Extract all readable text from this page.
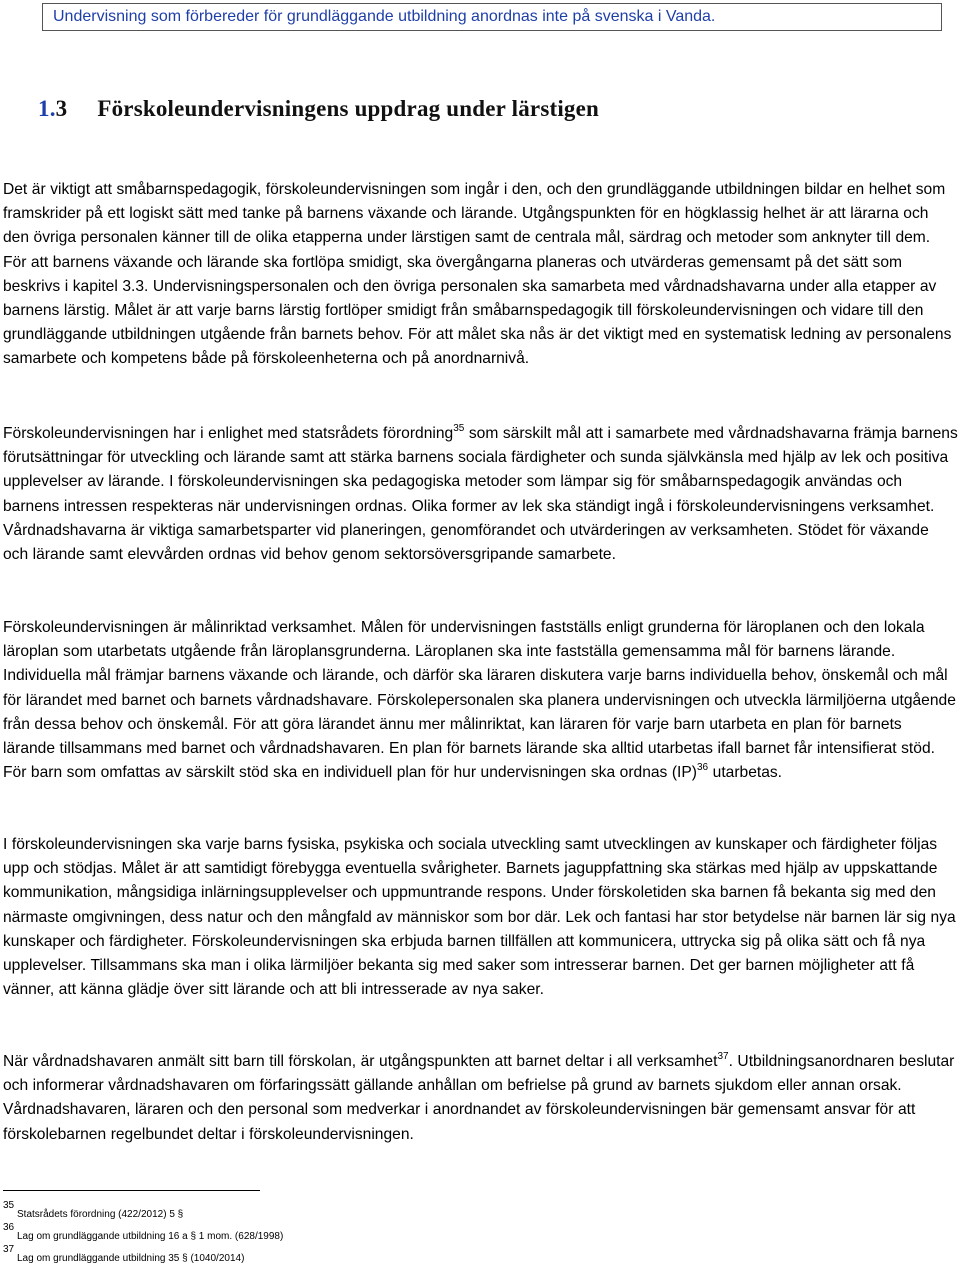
Undervisning som förbereder för grundläggande utbildning anordnas inte på svenska i Vanda.
1.3 Förskoleundervisningens uppdrag under lärstigen

Det är viktigt att småbarnspedagogik, förskoleundervisningen som ingår i den, och den grundläggande utbildningen bildar en helhet som framskrider på ett logiskt sätt med tanke på barnens växande och lärande. Utgångspunkten för en högklassig helhet är att lärarna och den övriga personalen känner till de olika etapperna under lärstigen samt de centrala mål, särdrag och metoder som anknyter till dem. För att barnens växande och lärande ska fortlöpa smidigt, ska övergångarna planeras och utvärderas gemensamt på det sätt som beskrivs i kapitel 3.3. Undervisningspersonalen och den övriga personalen ska samarbeta med vårdnadshavarna under alla etapper av barnens lärstig. Målet är att varje barns lärstig fortlöper smidigt från småbarnspedagogik till förskoleundervisningen och vidare till den grundläggande utbildningen utgående från barnets behov. För att målet ska nås är det viktigt med en systematisk ledning av personalens samarbete och kompetens både på förskoleenheterna och på anordnarnivå.

Förskoleundervisningen har i enlighet med statsrådets förordning$^{35}$ som särskilt mål att i samarbete med vårdnadshavarna främja barnens förutsättningar för utveckling och lärande samt att stärka barnens sociala färdigheter och sunda självkänsla med hjälp av lek och positiva upplevelser av lärande. I förskoleundervisningen ska pedagogiska metoder som lämpar sig för småbarnspedagogik användas och barnens intressen respekteras när undervisningen ordnas. Olika former av lek ska ständigt ingå i förskoleundervisningens verksamhet. Vårdnadshavarna är viktiga samarbetsparter vid planeringen, genomförandet och utvärderingen av verksamheten. Stödet för växande och lärande samt elevvården ordnas vid behov genom sektorsöversgripande samarbete.

Förskoleundervisningen är målinriktad verksamhet. Målen för undervisningen fastställs enligt grunderna för läroplanen och den lokala läroplan som utarbetats utgående från läroplansgrunderna. Läroplanen ska inte fastställa gemensamma mål för barnens lärande. Individuella mål främjar barnens växande och lärande, och därför ska läraren diskutera varje barns individuella behov, önskemål och mål för lärandet med barnet och barnets vårdnadshavare. Förskolepersonalen ska planera undervisningen och utveckla lärmiljöerna utgående från dessa behov och önskemål. För att göra lärandet ännu mer målinriktat, kan läraren för varje barn utarbeta en plan för barnets lärande tillsammans med barnet och vårdnadshavaren. En plan för barnets lärande ska alltid utarbetas ifall barnet får intensifierat stöd. För barn som omfattas av särskilt stöd ska en individuell plan för hur undervisningen ska ordnas (IP)$^{36}$ utarbetas.

I förskoleundervisningen ska varje barns fysiska, psykiska och sociala utveckling samt utvecklingen av kunskaper och färdigheter följas upp och stödjas. Målet är att samtidigt förebygga eventuella svårigheter. Barnets jaguppfattning ska stärkas med hjälp av uppskattande kommunikation, mångsidiga inlärningsupplevelser och uppmuntrande respons. Under förskoletiden ska barnen få bekanta sig med den närmaste omgivningen, dess natur och den mångfald av människor som bor där. Lek och fantasi har stor betydelse när barnen lär sig nya kunskaper och färdigheter. Förskoleundervisningen ska erbjuda barnen tillfällen att kommunicera, uttrycka sig på olika sätt och få nya upplevelser. Tillsammans ska man i olika lärmiljöer bekanta sig med saker som intresserar barnen. Det ger barnen möjligheter att få vänner, att känna glädje över sitt lärande och att bli intresserade av nya saker.

När vårdnadshavaren anmält sitt barn till förskolan, är utgångspunkten att barnet deltar i all verksamhet$^{37}$. Utbildningsanordnaren beslutar och informerar vårdnadshavaren om förfaringssätt gällande anhållan om befrielse på grund av barnets sjukdom eller annan orsak. Vårdnadshavaren, läraren och den personal som medverkar i anordnandet av förskoleundervisningen bär gemensamt ansvar för att förskolebarnen regelbundet deltar i förskoleundervisningen.

35Statsrådets förordning (422/2012) 5 §
36Lag om grundläggande utbildning 16 a § 1 mom. (628/1998)
37Lag om grundläggande utbildning 35 § (1040/2014)
